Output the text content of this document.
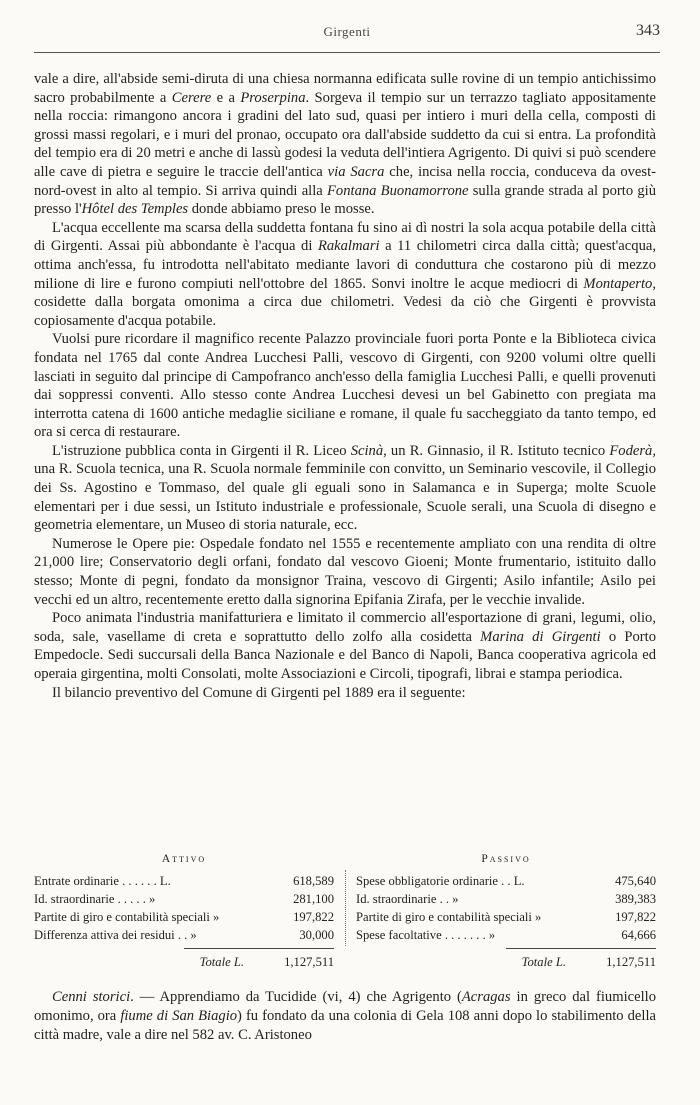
Girgenti	343

vale a dire, all'abside semi-diruta di una chiesa normanna edificata sulle rovine di un tempio antichissimo sacro probabilmente a Cerere e a Proserpina. Sorgeva il tempio sur un terrazzo tagliato appositamente nella roccia: rimangono ancora i gradini del lato sud, quasi per intiero i muri della cella, composti di grossi massi regolari, e i muri del pronao, occupato ora dall'abside suddetto da cui si entra. La profondità del tempio era di 20 metri e anche di lassù godesi la veduta dell'intiera Agrigento. Di quivi si può scendere alle cave di pietra e seguire le traccie dell'antica via Sacra che, incisa nella roccia, conduceva da ovest-nord-ovest in alto al tempio. Si arriva quindi alla Fontana Buonamorrone sulla grande strada al porto giù presso l'Hôtel des Temples donde abbiamo preso le mosse.

L'acqua eccellente ma scarsa della suddetta fontana fu sino ai dì nostri la sola acqua potabile della città di Girgenti. Assai più abbondante è l'acqua di Rakalmari a 11 chilometri circa dalla città; quest'acqua, ottima anch'essa, fu introdotta nell'abitato mediante lavori di conduttura che costarono più di mezzo milione di lire e furono compiuti nell'ottobre del 1865. Sonvi inoltre le acque mediocri di Montaperto, cosidette dalla borgata omonima a circa due chilometri. Vedesi da ciò che Girgenti è provvista copiosamente d'acqua potabile.

Vuolsi pure ricordare il magnifico recente Palazzo provinciale fuori porta Ponte e la Biblioteca civica fondata nel 1765 dal conte Andrea Lucchesi Palli, vescovo di Girgenti, con 9200 volumi oltre quelli lasciati in seguito dal principe di Campofranco anch'esso della famiglia Lucchesi Palli, e quelli provenuti dai soppressi conventi. Allo stesso conte Andrea Lucchesi devesi un bel Gabinetto con pregiata ma interrotta catena di 1600 antiche medaglie siciliane e romane, il quale fu saccheggiato da tanto tempo, ed ora si cerca di restaurare.

L'istruzione pubblica conta in Girgenti il R. Liceo Scinà, un R. Ginnasio, il R. Istituto tecnico Foderà, una R. Scuola tecnica, una R. Scuola normale femminile con convitto, un Seminario vescovile, il Collegio dei Ss. Agostino e Tommaso, del quale gli eguali sono in Salamanca e in Superga; molte Scuole elementari per i due sessi, un Istituto industriale e professionale, Scuole serali, una Scuola di disegno e geometria elementare, un Museo di storia naturale, ecc.

Numerose le Opere pie: Ospedale fondato nel 1555 e recentemente ampliato con una rendita di oltre 21,000 lire; Conservatorio degli orfani, fondato dal vescovo Gioeni; Monte frumentario, istituito dallo stesso; Monte di pegni, fondato da monsignor Traina, vescovo di Girgenti; Asilo infantile; Asilo pei vecchi ed un altro, recentemente eretto dalla signorina Epifania Zirafa, per le vecchie invalide.

Poco animata l'industria manifatturiera e limitato il commercio all'esportazione di grani, legumi, olio, soda, sale, vasellame di creta e soprattutto dello zolfo alla cosidetta Marina di Girgenti o Porto Empedocle. Sedi succursali della Banca Nazionale e del Banco di Napoli, Banca cooperativa agricola ed operaia girgentina, molti Consolati, molte Associazioni e Circoli, tipografi, librai e stampa periodica.

Il bilancio preventivo del Comune di Girgenti pel 1889 era il seguente:

Attivo
Entrate ordinarie . . . . . . L.	618,589
Id. straordinarie . . . . . »	281,100
Partite di giro e contabilità speciali »	197,822
Differenza attiva dei residui . . »	30,000
Totale L.	1,127,511
Passivo
Spese obbligatorie ordinarie . . L.	475,640
Id. straordinarie . . »	389,383
Partite di giro e contabilità speciali »	197,822
Spese facoltative . . . . . . . »	64,666
Totale L.	1,127,511

Cenni storici. — Apprendiamo da Tucidide (vi, 4) che Agrigento (Acragas in greco dal fiumicello omonimo, ora fiume di San Biagio) fu fondato da una colonia di Gela 108 anni dopo lo stabilimento della città madre, vale a dire nel 582 av. C. Aristoneo
